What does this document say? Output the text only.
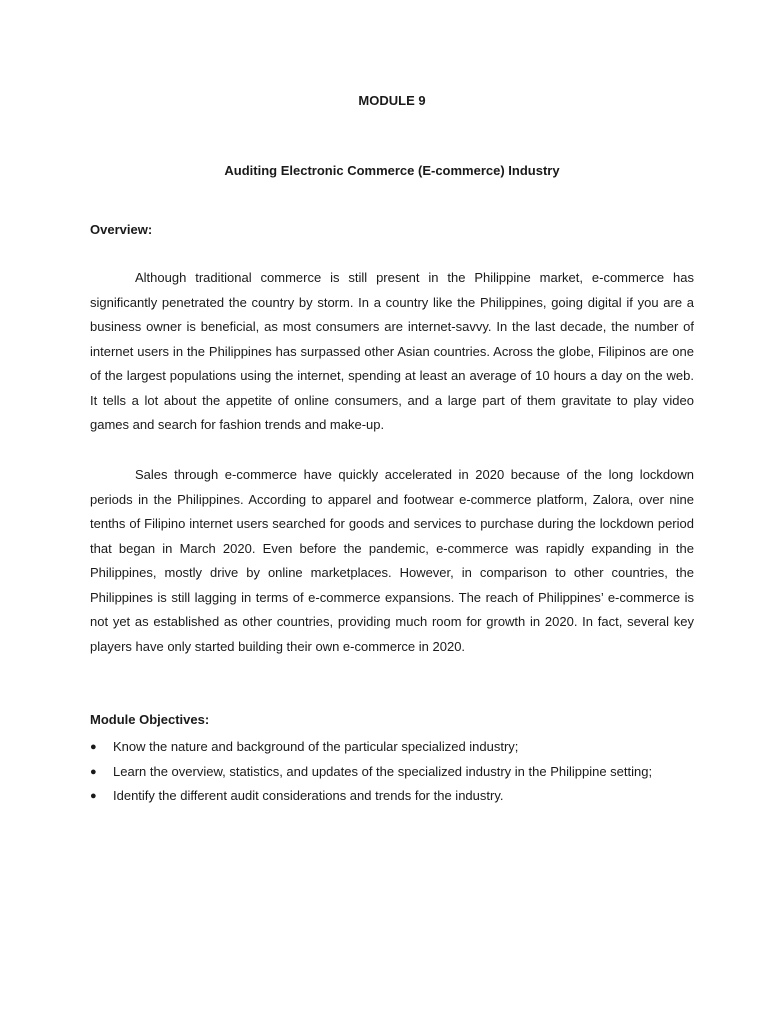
MODULE 9
Auditing Electronic Commerce (E-commerce) Industry
Overview:

Although traditional commerce is still present in the Philippine market, e-commerce has significantly penetrated the country by storm. In a country like the Philippines, going digital if you are a business owner is beneficial, as most consumers are internet-savvy. In the last decade, the number of internet users in the Philippines has surpassed other Asian countries. Across the globe, Filipinos are one of the largest populations using the internet, spending at least an average of 10 hours a day on the web. It tells a lot about the appetite of online consumers, and a large part of them gravitate to play video games and search for fashion trends and make-up.

Sales through e-commerce have quickly accelerated in 2020 because of the long lockdown periods in the Philippines. According to apparel and footwear e-commerce platform, Zalora, over nine tenths of Filipino internet users searched for goods and services to purchase during the lockdown period that began in March 2020. Even before the pandemic, e-commerce was rapidly expanding in the Philippines, mostly drive by online marketplaces. However, in comparison to other countries, the Philippines is still lagging in terms of e-commerce expansions. The reach of Philippines’ e-commerce is not yet as established as other countries, providing much room for growth in 2020. In fact, several key players have only started building their own e-commerce in 2020.

Module Objectives:
● Know the nature and background of the particular specialized industry;
● Learn the overview, statistics, and updates of the specialized industry in the Philippine setting;
● Identify the different audit considerations and trends for the industry.
